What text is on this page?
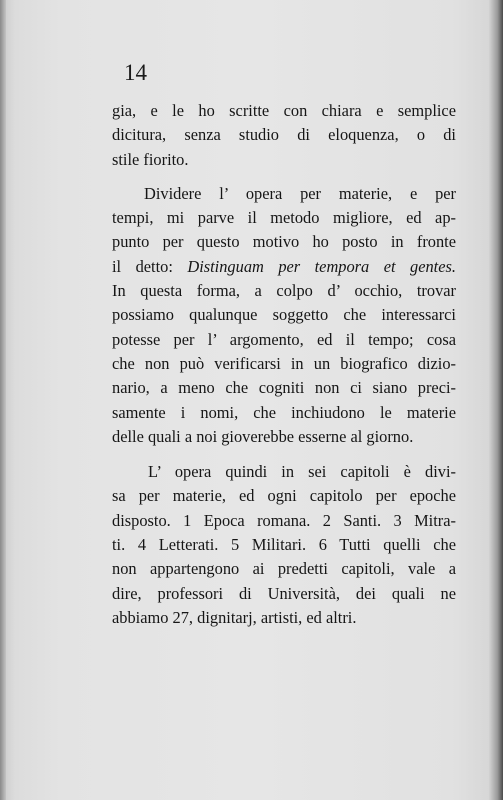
14
gia, e le ho scritte con chiara e semplice
dicitura, senza studio di eloquenza, o di
stile fiorito.
Dividere l’ opera per materie, e per
tempi, mi parve il metodo migliore, ed ap-
punto per questo motivo ho posto in fronte
il detto: Distinguam per tempora et gentes.
In questa forma, a colpo d’ occhio, trovar
possiamo qualunque soggetto che interessarci
potesse per l’ argomento, ed il tempo; cosa
che non può verificarsi in un biografico dizio-
nario, a meno che cogniti non ci siano preci-
samente i nomi, che inchiudono le materie
delle quali a noi gioverebbe esserne al giorno.
L’ opera quindi in sei capitoli è divi-
sa per materie, ed ogni capitolo per epoche
disposto. 1 Epoca romana. 2 Santi. 3 Mitra-
ti. 4 Letterati. 5 Militari. 6 Tutti quelli che
non appartengono ai predetti capitoli, vale a
dire, professori di Università, dei quali ne
abbiamo 27, dignitarj, artisti, ed altri.
